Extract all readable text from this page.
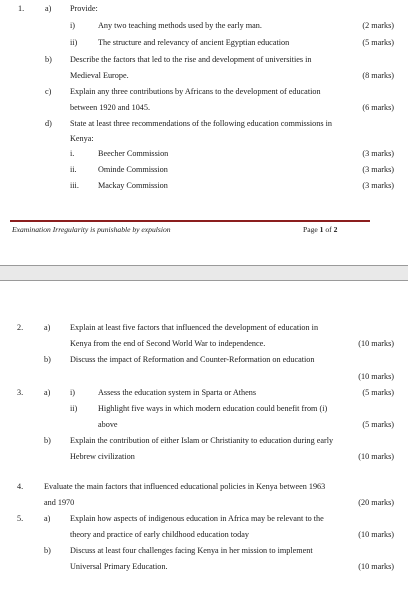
1.	a) Provide:
i)	Any two teaching methods used by the early man.	(2 marks)
ii)	The structure and relevancy of ancient Egyptian education	(5 marks)
b) Describe the factors that led to the rise and development of universities in
Medieval Europe.	(8 marks)
c) Explain any three contributions by Africans to the development of education
between 1920 and 1045.	(6 marks)
d) State at least three recommendations of the following education commissions in
Kenya:
i.	Beecher Commission	(3 marks)
ii.	Ominde Commission	(3 marks)
iii. Mackay Commission	(3 marks)
Examination Irregularity is punishable by expulsion	Page 1 of 2
2.	a) Explain at least five factors that influenced the development of education in
Kenya from the end of Second World War to independence.	(10 marks)
b) Discuss the impact of Reformation and Counter-Reformation on education
(10 marks)
3.	a) i)	Assess the education system in Sparta or Athens	(5 marks)
ii)	Highlight five ways in which modern education could benefit from (i)
above	(5 marks)
b) Explain the contribution of either Islam or Christianity to education during early
Hebrew civilization	(10 marks)
4.	Evaluate the main factors that influenced educational policies in Kenya between 1963
and 1970	(20 marks)
5.	a) Explain how aspects of indigenous education in Africa may be relevant to the
theory and practice of early childhood education today	(10 marks)
b) Discuss at least four challenges facing Kenya in her mission to implement
Universal Primary Education.	(10 marks)
